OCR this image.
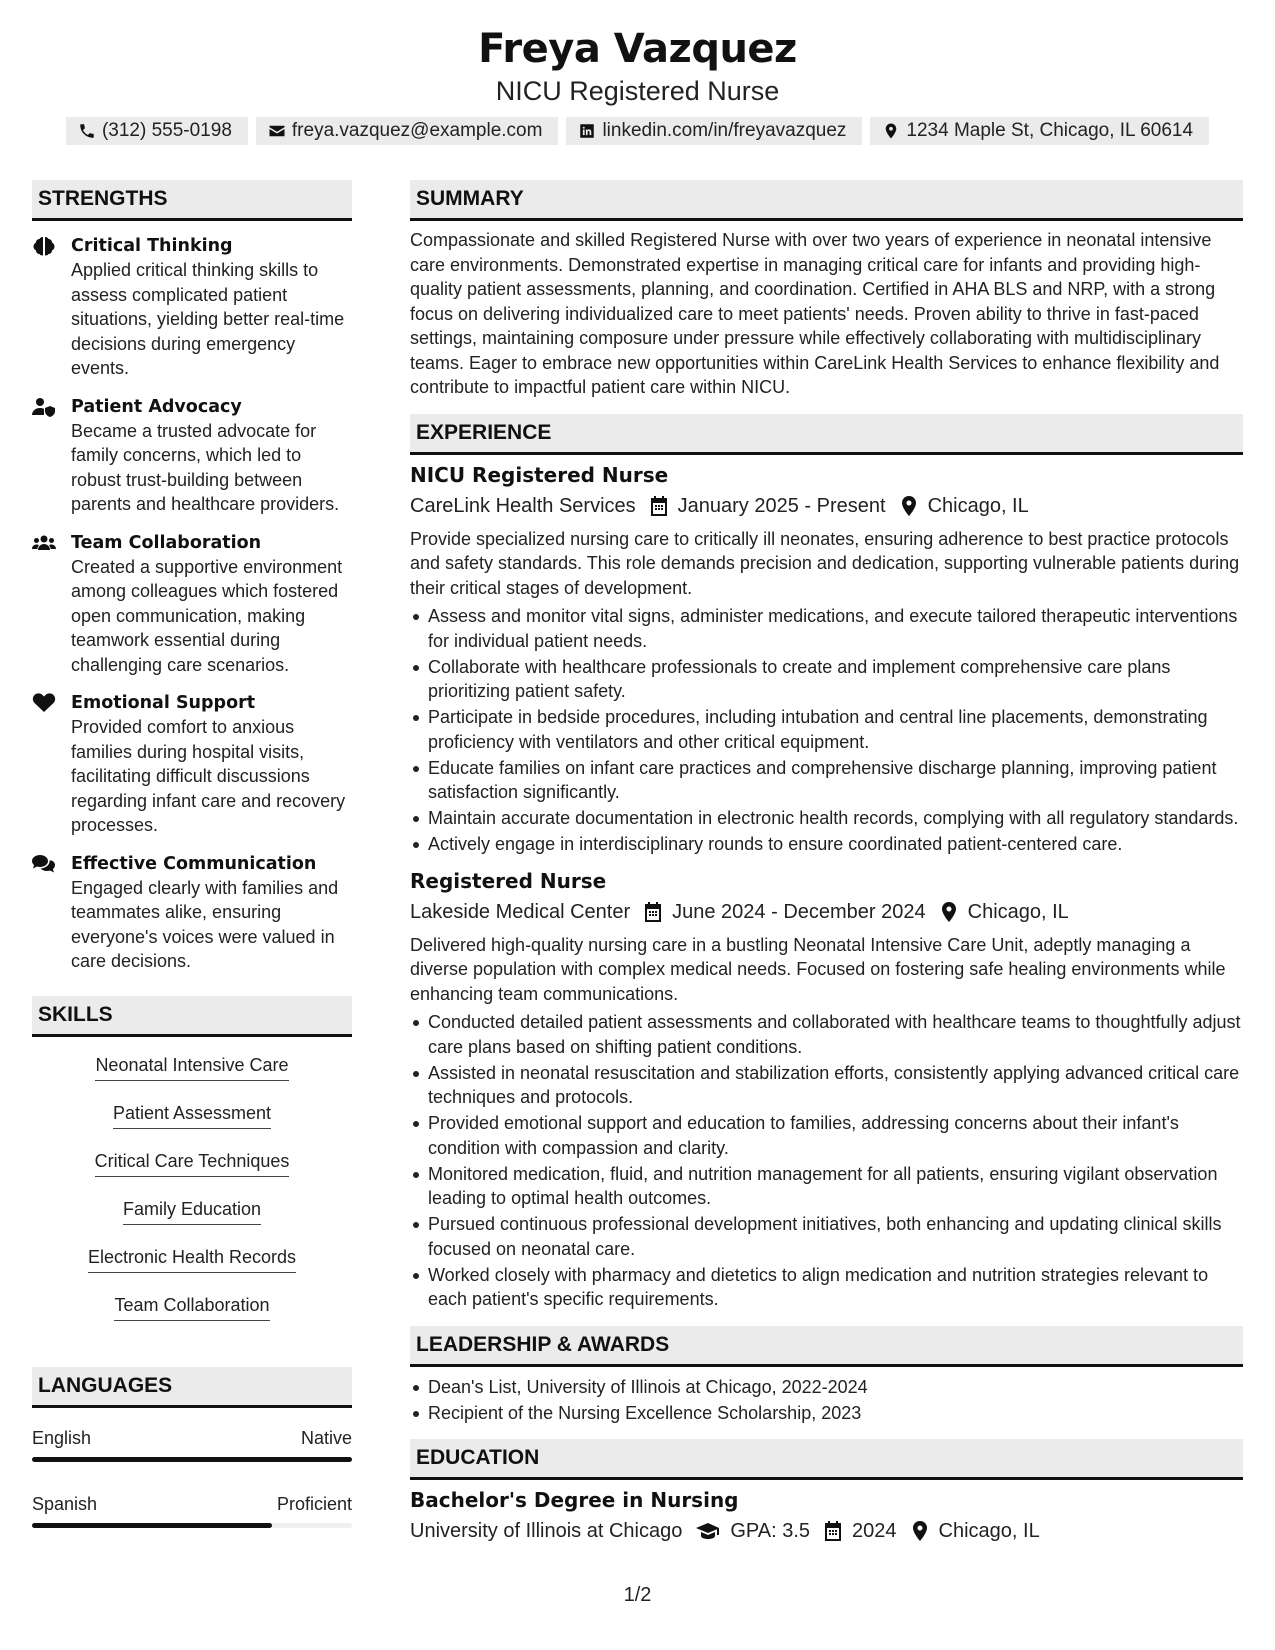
Freya Vazquez
NICU Registered Nurse
(312) 555-0198	freya.vazquez@example.com	linkedin.com/in/freyavazquez	1234 Maple St, Chicago, IL 60614
STRENGTHS
Critical Thinking
Applied critical thinking skills to assess complicated patient situations, yielding better real-time decisions during emergency events.
Patient Advocacy
Became a trusted advocate for family concerns, which led to robust trust-building between parents and healthcare providers.
Team Collaboration
Created a supportive environment among colleagues which fostered open communication, making teamwork essential during challenging care scenarios.
Emotional Support
Provided comfort to anxious families during hospital visits, facilitating difficult discussions regarding infant care and recovery processes.
Effective Communication
Engaged clearly with families and teammates alike, ensuring everyone's voices were valued in care decisions.
SKILLS
Neonatal Intensive Care
Patient Assessment
Critical Care Techniques
Family Education
Electronic Health Records
Team Collaboration
LANGUAGES
English	Native
Spanish	Proficient
SUMMARY
Compassionate and skilled Registered Nurse with over two years of experience in neonatal intensive care environments. Demonstrated expertise in managing critical care for infants and providing high-quality patient assessments, planning, and coordination. Certified in AHA BLS and NRP, with a strong focus on delivering individualized care to meet patients' needs. Proven ability to thrive in fast-paced settings, maintaining composure under pressure while effectively collaborating with multidisciplinary teams. Eager to embrace new opportunities within CareLink Health Services to enhance flexibility and contribute to impactful patient care within NICU.
EXPERIENCE
NICU Registered Nurse
CareLink Health Services January 2025 - Present Chicago, IL
Provide specialized nursing care to critically ill neonates, ensuring adherence to best practice protocols and safety standards. This role demands precision and dedication, supporting vulnerable patients during their critical stages of development.
Assess and monitor vital signs, administer medications, and execute tailored therapeutic interventions for individual patient needs.
Collaborate with healthcare professionals to create and implement comprehensive care plans prioritizing patient safety.
Participate in bedside procedures, including intubation and central line placements, demonstrating proficiency with ventilators and other critical equipment.
Educate families on infant care practices and comprehensive discharge planning, improving patient satisfaction significantly.
Maintain accurate documentation in electronic health records, complying with all regulatory standards.
Actively engage in interdisciplinary rounds to ensure coordinated patient-centered care.
Registered Nurse
Lakeside Medical Center June 2024 - December 2024 Chicago, IL
Delivered high-quality nursing care in a bustling Neonatal Intensive Care Unit, adeptly managing a diverse population with complex medical needs. Focused on fostering safe healing environments while enhancing team communications.
Conducted detailed patient assessments and collaborated with healthcare teams to thoughtfully adjust care plans based on shifting patient conditions.
Assisted in neonatal resuscitation and stabilization efforts, consistently applying advanced critical care techniques and protocols.
Provided emotional support and education to families, addressing concerns about their infant's condition with compassion and clarity.
Monitored medication, fluid, and nutrition management for all patients, ensuring vigilant observation leading to optimal health outcomes.
Pursued continuous professional development initiatives, both enhancing and updating clinical skills focused on neonatal care.
Worked closely with pharmacy and dietetics to align medication and nutrition strategies relevant to each patient's specific requirements.
LEADERSHIP & AWARDS
Dean's List, University of Illinois at Chicago, 2022-2024
Recipient of the Nursing Excellence Scholarship, 2023
EDUCATION
Bachelor's Degree in Nursing
University of Illinois at Chicago GPA: 3.5 2024 Chicago, IL
1/2
